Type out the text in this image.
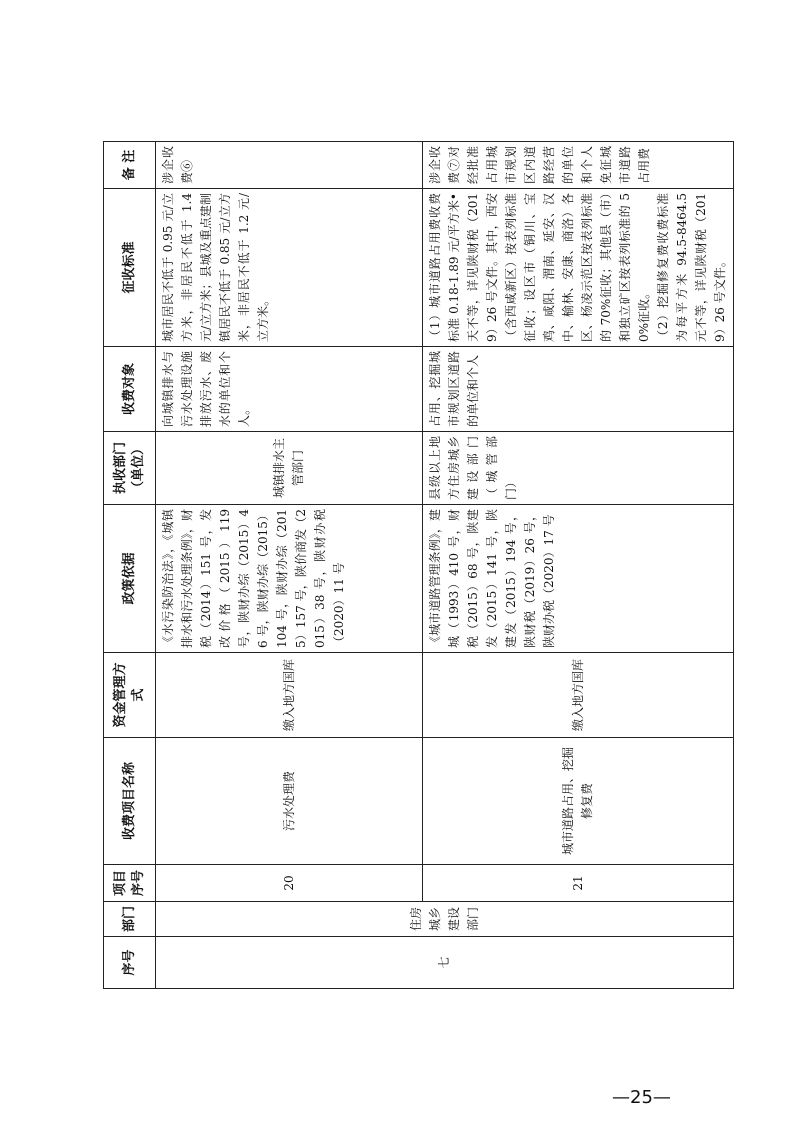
序号	部门	项目序号	收费项目名称	资金管理方式	政策依据	执收部门（单位）	收费对象	征收标准	备 注
七	住房城乡建设部门	20	污水处理费	缴入地方国库	《水污染防治法》，《城镇排水和污水处理条例》，财税（2014）151 号，发改价格（2015）119 号，陕财办综（2015）46 号，陕财办综（2015）104 号，陕财办综（2015）157 号，陕价商发（2015）38 号，陕财办税（2020）11 号	城镇排水主管部门	向城镇排水与污水处理设施排放污水、废水的单位和个人。	城市居民不低于 0.95 元/立方米，非居民不低于 1.4 元/立方米；县城及重点建制镇居民不低于 0.85 元/立方米，非居民不低于 1.2 元/立方米。	涉企收费⑥
		21	城市道路占用、挖掘修复费	缴入地方国库	《城市道路管理条例》，建城（1993）410 号，财税（2015）68 号，陕建发（2015）141 号，陕建发（2015）194 号，陕财税（2019）26 号，陕财办税（2020）17 号	县级以上地方住房城乡建设部门（城管部门）	占用、挖掘城市规划区道路的单位和个人	（1）城市道路占用费收费标准 0.18-1.89 元/平方米•天不等，详见陕财税（2019）26 号文件。其中，西安（含西咸新区）按表列标准征收；设区市（铜川、宝鸡、咸阳、渭南、延安、汉中、榆林、安康、商洛）各区、杨凌示范区按表列标准的 70%征收；其他县（市）和独立矿区按表列标准的 50%征收。 （2）挖掘修复费收费标准为每平方米 94.5-8464.5 元不等，详见陕财税（2019）26 号文件。	涉企收费⑦对经批准占用城市规划区内道路经营的单位和个人免征城市道路占用费
—25—
